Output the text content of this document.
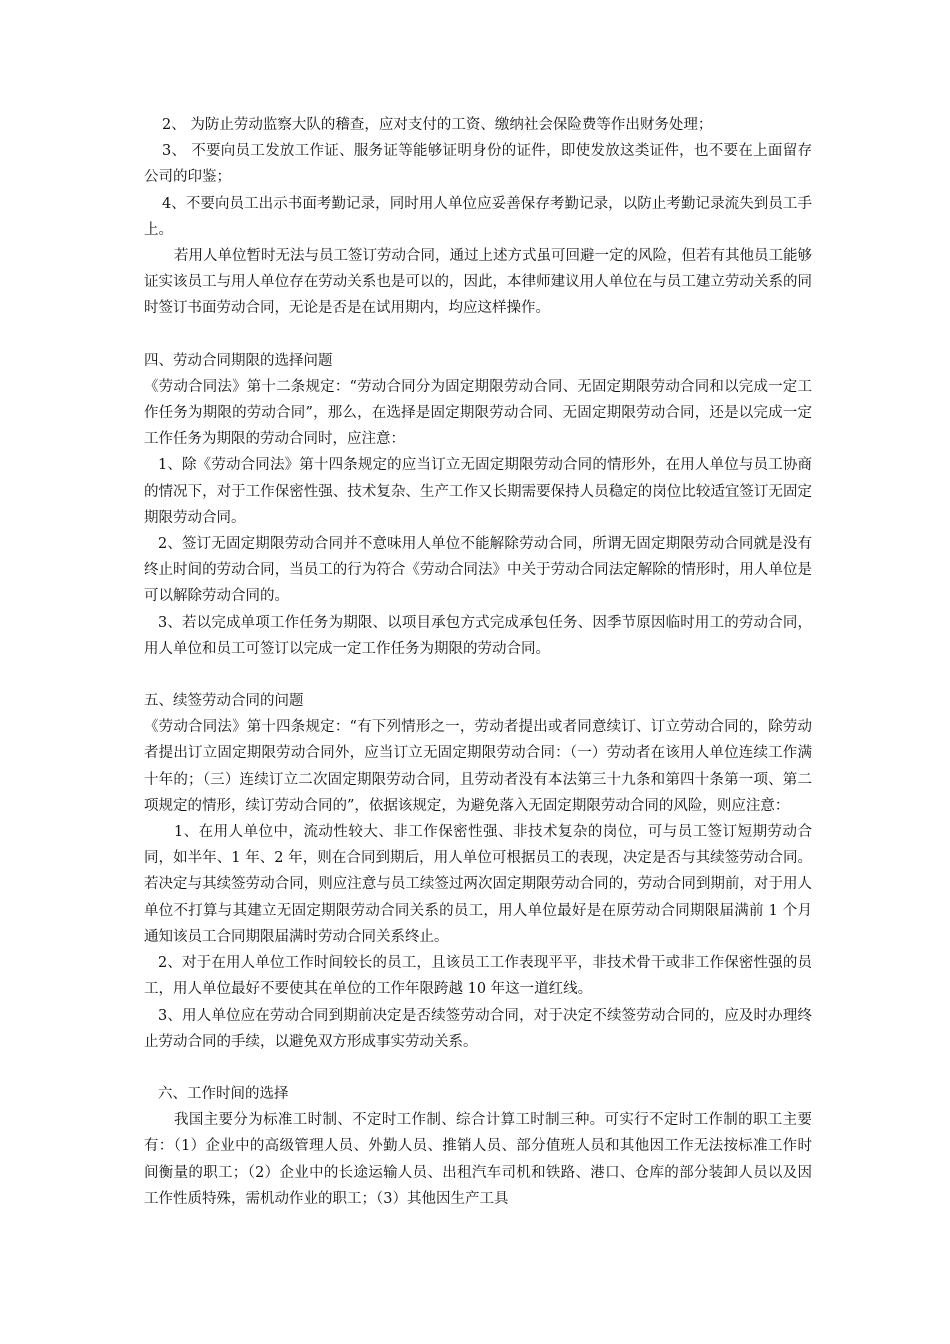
2、 为防止劳动监察大队的稽查，应对支付的工资、缴纳社会保险费等作出财务处理；

3、 不要向员工发放工作证、服务证等能够证明身份的证件，即使发放这类证件，也不要在上面留存公司的印鉴；

4、不要向员工出示书面考勤记录，同时用人单位应妥善保存考勤记录，以防止考勤记录流失到员工手上。

若用人单位暂时无法与员工签订劳动合同，通过上述方式虽可回避一定的风险，但若有其他员工能够证实该员工与用人单位存在劳动关系也是可以的，因此，本律师建议用人单位在与员工建立劳动关系的同时签订书面劳动合同，无论是否是在试用期内，均应这样操作。

四、劳动合同期限的选择问题

《劳动合同法》第十二条规定：“劳动合同分为固定期限劳动合同、无固定期限劳动合同和以完成一定工作任务为期限的劳动合同”，那么，在选择是固定期限劳动合同、无固定期限劳动合同，还是以完成一定工作任务为期限的劳动合同时，应注意：

1、除《劳动合同法》第十四条规定的应当订立无固定期限劳动合同的情形外，在用人单位与员工协商的情况下，对于工作保密性强、技术复杂、生产工作又长期需要保持人员稳定的岗位比较适宜签订无固定期限劳动合同。

2、签订无固定期限劳动合同并不意味用人单位不能解除劳动合同，所谓无固定期限劳动合同就是没有终止时间的劳动合同，当员工的行为符合《劳动合同法》中关于劳动合同法定解除的情形时，用人单位是可以解除劳动合同的。

3、若以完成单项工作任务为期限、以项目承包方式完成承包任务、因季节原因临时用工的劳动合同，用人单位和员工可签订以完成一定工作任务为期限的劳动合同。

五、续签劳动合同的问题

《劳动合同法》第十四条规定：“有下列情形之一，劳动者提出或者同意续订、订立劳动合同的，除劳动者提出订立固定期限劳动合同外，应当订立无固定期限劳动合同：（一）劳动者在该用人单位连续工作满十年的；（三）连续订立二次固定期限劳动合同，且劳动者没有本法第三十九条和第四十条第一项、第二项规定的情形，续订劳动合同的”，依据该规定，为避免落入无固定期限劳动合同的风险，则应注意：

1、在用人单位中，流动性较大、非工作保密性强、非技术复杂的岗位，可与员工签订短期劳动合同，如半年、1 年、2 年，则在合同到期后，用人单位可根据员工的表现，决定是否与其续签劳动合同。若决定与其续签劳动合同，则应注意与员工续签过两次固定期限劳动合同的，劳动合同到期前，对于用人单位不打算与其建立无固定期限劳动合同关系的员工，用人单位最好是在原劳动合同期限届满前 1 个月通知该员工合同期限届满时劳动合同关系终止。

2、对于在用人单位工作时间较长的员工，且该员工工作表现平平，非技术骨干或非工作保密性强的员工，用人单位最好不要使其在单位的工作年限跨越 10 年这一道红线。

3、用人单位应在劳动合同到期前决定是否续签劳动合同，对于决定不续签劳动合同的，应及时办理终止劳动合同的手续，以避免双方形成事实劳动关系。

六、工作时间的选择

我国主要分为标准工时制、不定时工作制、综合计算工时制三种。可实行不定时工作制的职工主要有：（1）企业中的高级管理人员、外勤人员、推销人员、部分值班人员和其他因工作无法按标准工作时间衡量的职工；（2）企业中的长途运输人员、出租汽车司机和铁路、港口、仓库的部分装卸人员以及因工作性质特殊，需机动作业的职工；（3）其他因生产工具
